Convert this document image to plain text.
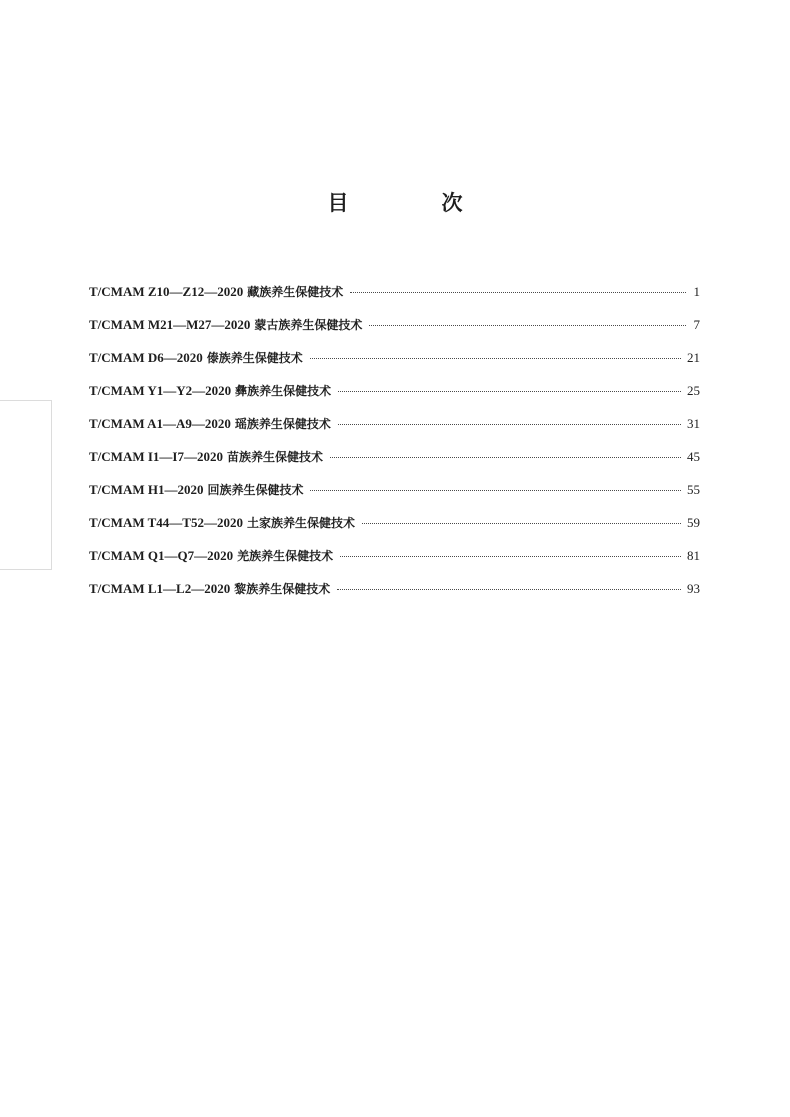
目　次
T/CMAM Z10—Z12—2020 藏族养生保健技术	1
T/CMAM M21—M27—2020 蒙古族养生保健技术	7
T/CMAM D6—2020 傣族养生保健技术	21
T/CMAM Y1—Y2—2020 彝族养生保健技术	25
T/CMAM A1—A9—2020 瑶族养生保健技术	31
T/CMAM I1—I7—2020 苗族养生保健技术	45
T/CMAM H1—2020 回族养生保健技术	55
T/CMAM T44—T52—2020 土家族养生保健技术	59
T/CMAM Q1—Q7—2020 羌族养生保健技术	81
T/CMAM L1—L2—2020 黎族养生保健技术	93
